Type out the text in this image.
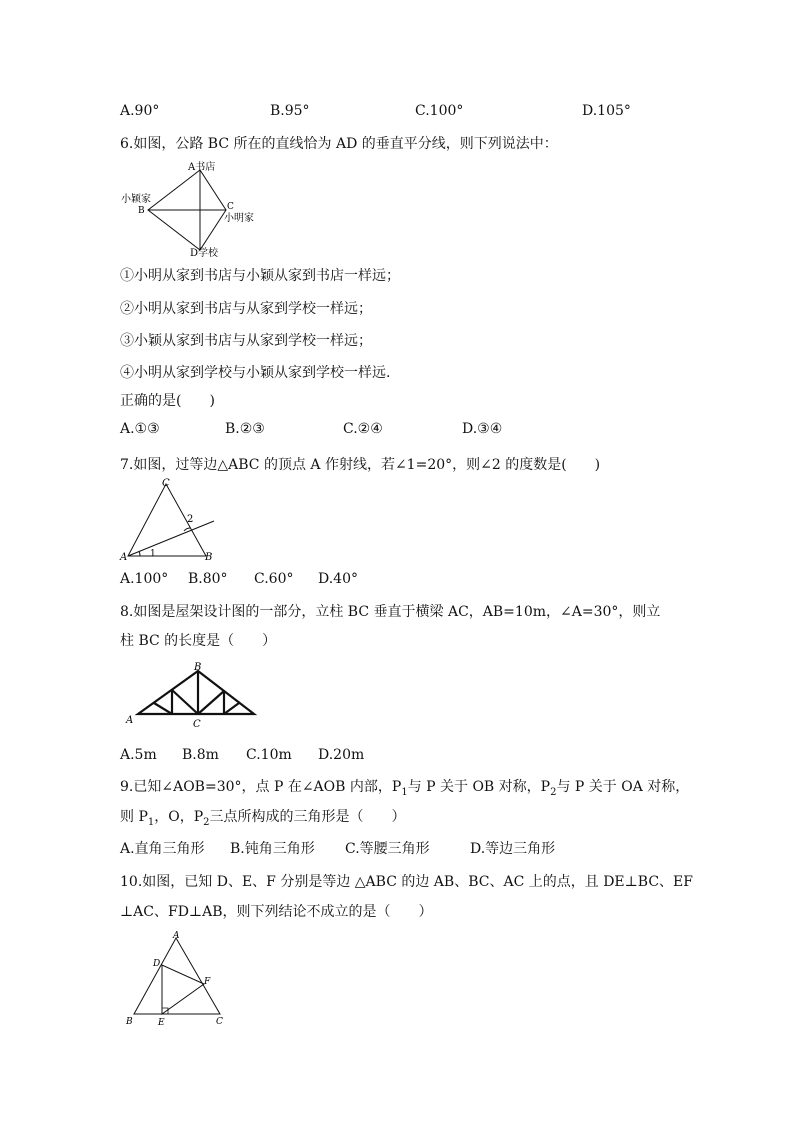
A.90°	B.95°	C.100°	D.105°
6.如图，公路 BC 所在的直线恰为 AD 的垂直平分线，则下列说法中：
A书店
小颖家
B	C
小明家
D学校
①小明从家到书店与小颖从家到书店一样远；
②小明从家到书店与从家到学校一样远；
③小颖从家到书店与从家到学校一样远；
④小明从家到学校与小颖从家到学校一样远.
正确的是(　　)
A.①③	B.②③	C.②④	D.③④
7.如图，过等边△ABC 的顶点 A 作射线，若∠1=20°，则∠2 的度数是(　　)
A	B
C
1
2
A.100° B.80° C.60° D.40°
8.如图是屋架设计图的一部分，立柱 BC 垂直于横梁 AC，AB=10m，∠A=30°，则立
柱 BC 的长度是（　　）
A
B
C
A.5m B.8m C.10m D.20m
9.已知∠AOB=30°，点 P 在∠AOB 内部，$P_1$与 P 关于 OB 对称，$P_2$与 P 关于 OA 对称，
则 $P_1$，O，$P_2$三点所构成的三角形是（　　）
A.直角三角形 B.钝角三角形 C.等腰三角形	D.等边三角形
10.如图，已知 D、E、F 分别是等边 △ABC 的边 AB、BC、AC 上的点，且 DE⊥BC、EF
⊥AC、FD⊥AB，则下列结论不成立的是（　　）
B
A
C
D
E
F
